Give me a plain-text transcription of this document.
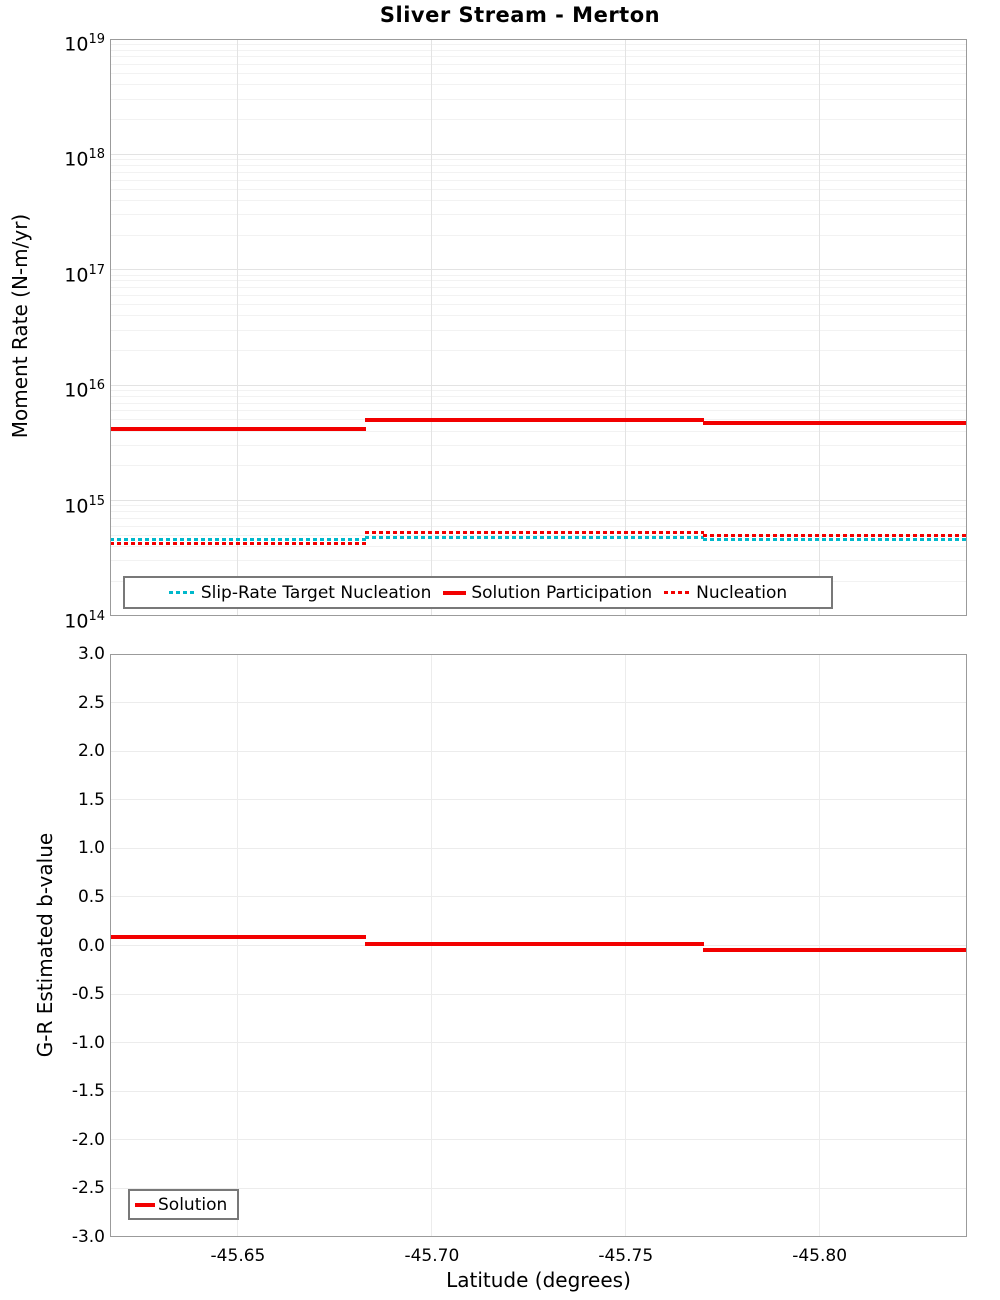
Sliver Stream - Merton
Moment Rate (N-m/yr)
G-R Estimated b-value
Latitude (degrees)
Slip-Rate Target Nucleation Solution Participation	Nucleation
Solution
$10^{19}$
$10^{18}$
$10^{17}$
$10^{16}$
$10^{15}$
$10^{14}$
3.0
2.5
2.0
1.5
1.0
0.5
0.0
-0.5
-1.0
-1.5
-2.0
-2.5
-3.0
-45.65	-45.70	-45.75	-45.80
